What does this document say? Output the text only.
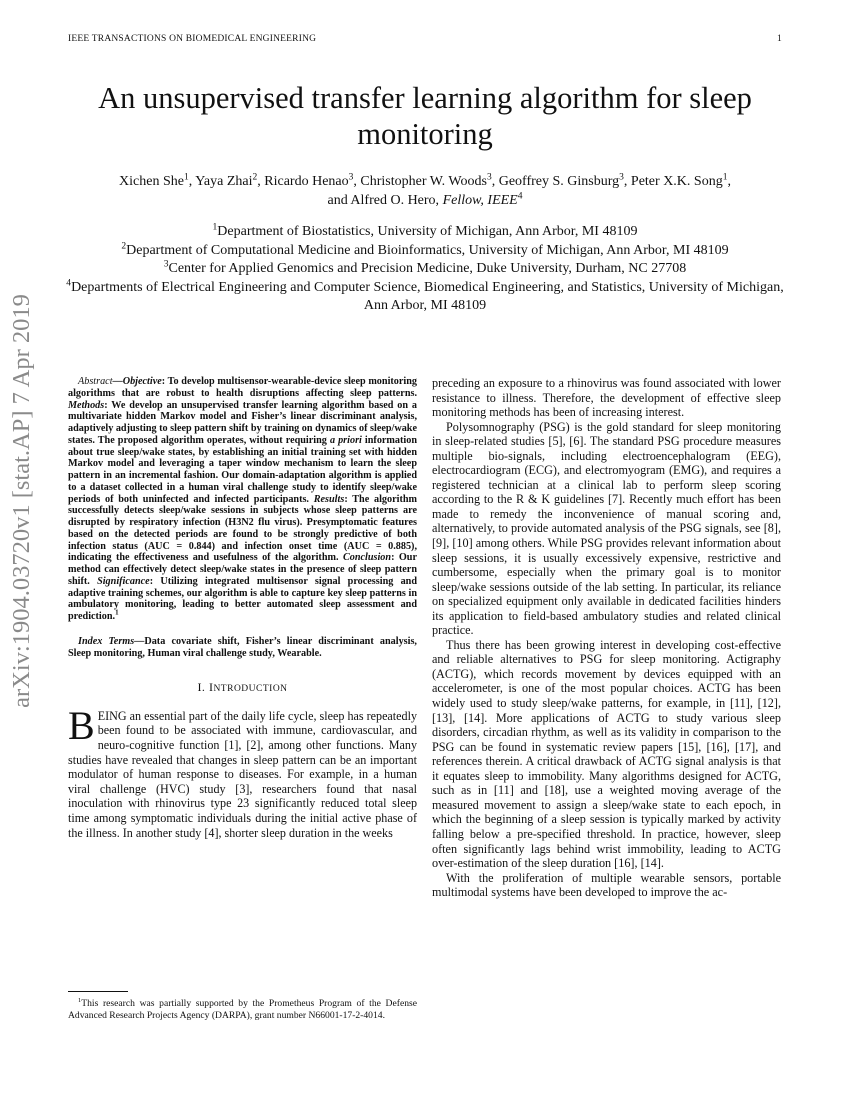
IEEE TRANSACTIONS ON BIOMEDICAL ENGINEERING	1
arXiv:1904.03720v1 [stat.AP] 7 Apr 2019
An unsupervised transfer learning algorithm for sleep monitoring
Xichen She$^1$, Yaya Zhai$^2$, Ricardo Henao$^3$, Christopher W. Woods$^3$, Geoffrey S. Ginsburg$^3$, Peter X.K. Song$^1$,
and Alfred O. Hero, Fellow, IEEE$^4$
$^1$Department of Biostatistics, University of Michigan, Ann Arbor, MI 48109
$^2$Department of Computational Medicine and Bioinformatics, University of Michigan, Ann Arbor, MI 48109
$^3$Center for Applied Genomics and Precision Medicine, Duke University, Durham, NC 27708
$^4$Departments of Electrical Engineering and Computer Science, Biomedical Engineering, and Statistics, University of Michigan, Ann Arbor, MI 48109

Abstract—Objective: To develop multisensor-wearable-device sleep monitoring algorithms that are robust to health disruptions affecting sleep patterns. Methods: We develop an unsupervised transfer learning algorithm based on a multivariate hidden Markov model and Fisher’s linear discriminant analysis, adaptively adjusting to sleep pattern shift by training on dynamics of sleep/wake states. The proposed algorithm operates, without requiring a priori information about true sleep/wake states, by establishing an initial training set with hidden Markov model and leveraging a taper window mechanism to learn the sleep pattern in an incremental fashion. Our domain-adaptation algorithm is applied to a dataset collected in a human viral challenge study to identify sleep/wake periods of both uninfected and infected participants. Results: The algorithm successfully detects sleep/wake sessions in subjects whose sleep patterns are disrupted by respiratory infection (H3N2 flu virus). Presymptomatic features based on the detected periods are found to be strongly predictive of both infection status (AUC = 0.844) and infection onset time (AUC = 0.885), indicating the effectiveness and usefulness of the algorithm. Conclusion: Our method can effectively detect sleep/wake states in the presence of sleep pattern shift. Significance: Utilizing integrated multisensor signal processing and adaptive training schemes, our algorithm is able to capture key sleep patterns in ambulatory monitoring, leading to better automated sleep assessment and prediction.$^1$

Index Terms—Data covariate shift, Fisher’s linear discriminant analysis, Sleep monitoring, Human viral challenge study, Wearable.

I. INTRODUCTION

BEING an essential part of the daily life cycle, sleep has repeatedly been found to be associated with immune, cardiovascular, and neuro-cognitive function [1], [2], among other functions. Many studies have revealed that changes in sleep pattern can be an important modulator of human response to diseases. For example, in a human viral challenge (HVC) study [3], researchers found that nasal inoculation with rhinovirus type 23 significantly reduced total sleep time among symptomatic individuals during the initial active phase of the illness. In another study [4], shorter sleep duration in the weeks

$^1$This research was partially supported by the Prometheus Program of the Defense Advanced Research Projects Agency (DARPA), grant number N66001-17-2-4014.

preceding an exposure to a rhinovirus was found associated with lower resistance to illness. Therefore, the development of effective sleep monitoring methods has been of increasing interest.

Polysomnography (PSG) is the gold standard for sleep monitoring in sleep-related studies [5], [6]. The standard PSG procedure measures multiple bio-signals, including electroencephalogram (EEG), electrocardiogram (ECG), and electromyogram (EMG), and requires a registered technician at a clinical lab to perform sleep scoring according to the R & K guidelines [7]. Recently much effort has been made to remedy the inconvenience of manual scoring and, alternatively, to provide automated analysis of the PSG signals, see [8], [9], [10] among others. While PSG provides relevant information about sleep sessions, it is usually excessively expensive, restrictive and cumbersome, especially when the primary goal is to monitor sleep/wake sessions outside of the lab setting. In particular, its reliance on specialized equipment only available in dedicated facilities hinders its application to field-based ambulatory studies and related clinical practice.

Thus there has been growing interest in developing cost-effective and reliable alternatives to PSG for sleep monitoring. Actigraphy (ACTG), which records movement by devices equipped with an accelerometer, is one of the most popular choices. ACTG has been widely used to study sleep/wake patterns, for example, in [11], [12], [13], [14]. More applications of ACTG to study various sleep disorders, circadian rhythm, as well as its validity in comparison to the PSG can be found in systematic review papers [15], [16], [17], and references therein. A critical drawback of ACTG signal analysis is that it equates sleep to immobility. Many algorithms designed for ACTG, such as in [11] and [18], use a weighted moving average of the measured movement to assign a sleep/wake state to each epoch, in which the beginning of a sleep session is typically marked by activity falling below a pre-specified threshold. In practice, however, sleep often significantly lags behind wrist immobility, leading to ACTG over-estimation of the sleep duration [16], [14].

With the proliferation of multiple wearable sensors, portable multimodal systems have been developed to improve the ac-
